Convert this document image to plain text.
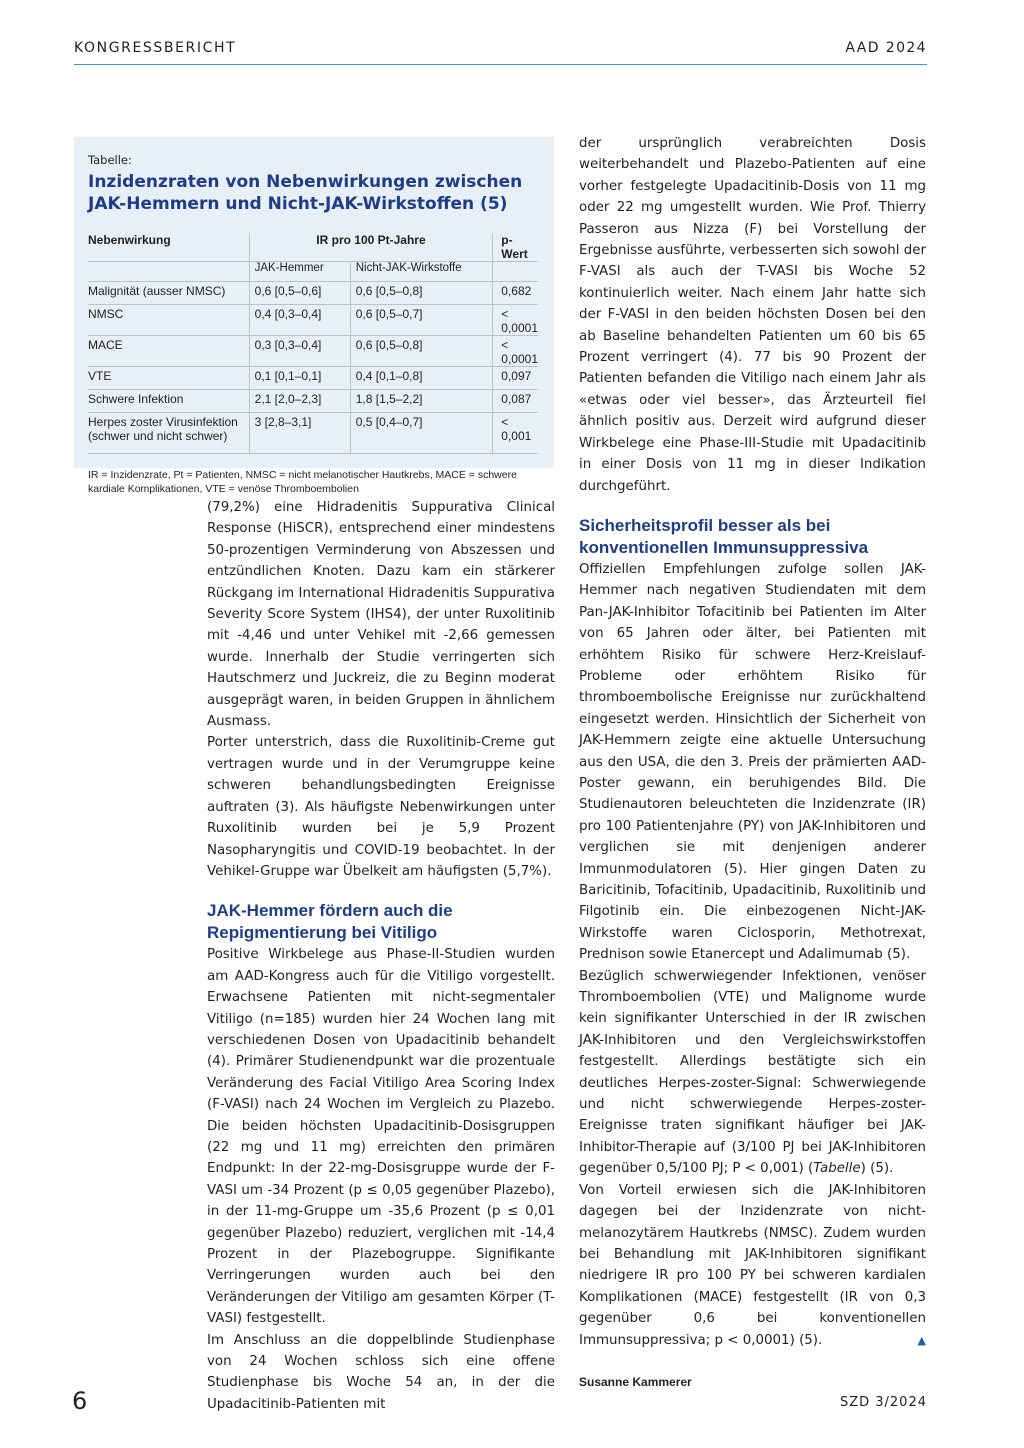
KONGRESSBERICHT	AAD 2024
Tabelle:
Inzidenzraten von Nebenwirkungen zwischen JAK-Hemmern und Nicht-JAK-Wirkstoffen (5)
Nebenwirkung	IR pro 100 Pt-Jahre		p-Wert
	JAK-Hemmer	Nicht-JAK-Wirkstoffe	
Malignität (ausser NMSC)	0,6 [0,5–0,6]	0,6 [0,5–0,8]	0,682
NMSC	0,4 [0,3–0,4]	0,6 [0,5–0,7]	< 0,0001
MACE	0,3 [0,3–0,4]	0,6 [0,5–0,8]	< 0,0001
VTE	0,1 [0,1–0,1]	0,4 [0,1–0,8]	0,097
Schwere Infektion	2,1 [2,0–2,3]	1,8 [1,5–2,2]	0,087
Herpes zoster Virusinfektion (schwer und nicht schwer)	3 [2,8–3,1]	0,5 [0,4–0,7]	< 0,001
IR = Inzidenzrate, Pt = Patienten, NMSC = nicht melanotischer Hautkrebs, MACE = schwere kardiale Komplikationen, VTE = venöse Thromboembolien

(79,2%) eine Hidradenitis Suppurativa Clinical Response (HiSCR), entsprechend einer mindestens 50-prozentigen Verminderung von Abszessen und entzündlichen Knoten. Dazu kam ein stärkerer Rückgang im International Hidradenitis Suppurativa Severity Score System (IHS4), der unter Ruxolitinib mit -4,46 und unter Vehikel mit -2,66 gemessen wurde. Innerhalb der Studie verringerten sich Hautschmerz und Juckreiz, die zu Beginn moderat ausgeprägt waren, in beiden Gruppen in ähnlichem Ausmass.

Porter unterstrich, dass die Ruxolitinib-Creme gut vertragen wurde und in der Verumgruppe keine schweren behandlungsbedingten Ereignisse auftraten (3). Als häufigste Nebenwirkungen unter Ruxolitinib wurden bei je 5,9 Prozent Nasopharyngitis und COVID-19 beobachtet. In der Vehikel-Gruppe war Übelkeit am häufigsten (5,7%).

JAK-Hemmer fördern auch die Repigmentierung bei Vitiligo

Positive Wirkbelege aus Phase-II-Studien wurden am AAD-Kongress auch für die Vitiligo vorgestellt. Erwachsene Patienten mit nicht-segmentaler Vitiligo (n=185) wurden hier 24 Wochen lang mit verschiedenen Dosen von Upadacitinib behandelt (4). Primärer Studienendpunkt war die prozentuale Veränderung des Facial Vitiligo Area Scoring Index (F-VASI) nach 24 Wochen im Vergleich zu Plazebo. Die beiden höchsten Upadacitinib-Dosisgruppen (22 mg und 11 mg) erreichten den primären Endpunkt: In der 22-mg-Dosisgruppe wurde der F-VASI um -34 Prozent (p ≤ 0,05 gegenüber Plazebo), in der 11-mg-Gruppe um -35,6 Prozent (p ≤ 0,01 gegenüber Plazebo) reduziert, verglichen mit -14,4 Prozent in der Plazebogruppe. Signifikante Verringerungen wurden auch bei den Veränderungen der Vitiligo am gesamten Körper (T-VASI) festgestellt.

Im Anschluss an die doppelblinde Studienphase von 24 Wochen schloss sich eine offene Studienphase bis Woche 54 an, in der die Upadacitinib-Patienten mit

der ursprünglich verabreichten Dosis weiterbehandelt und Plazebo-Patienten auf eine vorher festgelegte Upadacitinib-Dosis von 11 mg oder 22 mg umgestellt wurden. Wie Prof. Thierry Passeron aus Nizza (F) bei Vorstellung der Ergebnisse ausführte, verbesserten sich sowohl der F-VASI als auch der T-VASI bis Woche 52 kontinuierlich weiter. Nach einem Jahr hatte sich der F-VASI in den beiden höchsten Dosen bei den ab Baseline behandelten Patienten um 60 bis 65 Prozent verringert (4). 77 bis 90 Prozent der Patienten befanden die Vitiligo nach einem Jahr als «etwas oder viel besser», das Ärzteurteil fiel ähnlich positiv aus. Derzeit wird aufgrund dieser Wirkbelege eine Phase-III-Studie mit Upadacitinib in einer Dosis von 11 mg in dieser Indikation durchgeführt.

Sicherheitsprofil besser als bei konventionellen Immunsuppressiva

Offiziellen Empfehlungen zufolge sollen JAK-Hemmer nach negativen Studiendaten mit dem Pan-JAK-Inhibitor Tofacitinib bei Patienten im Alter von 65 Jahren oder älter, bei Patienten mit erhöhtem Risiko für schwere Herz-Kreislauf-Probleme oder erhöhtem Risiko für thromboembolische Ereignisse nur zurückhaltend eingesetzt werden. Hinsichtlich der Sicherheit von JAK-Hemmern zeigte eine aktuelle Untersuchung aus den USA, die den 3. Preis der prämierten AAD-Poster gewann, ein beruhigendes Bild. Die Studienautoren beleuchteten die Inzidenzrate (IR) pro 100 Patientenjahre (PY) von JAK-Inhibitoren und verglichen sie mit denjenigen anderer Immunmodulatoren (5). Hier gingen Daten zu Baricitinib, Tofacitinib, Upadacitinib, Ruxolitinib und Filgotinib ein. Die einbezogenen Nicht-JAK-Wirkstoffe waren Ciclosporin, Methotrexat, Prednison sowie Etanercept und Adalimumab (5).

Bezüglich schwerwiegender Infektionen, venöser Thromboembolien (VTE) und Malignome wurde kein signifikanter Unterschied in der IR zwischen JAK-Inhibitoren und den Vergleichswirkstoffen festgestellt. Allerdings bestätigte sich ein deutliches Herpes-zoster-Signal: Schwerwiegende und nicht schwerwiegende Herpes-zoster-Ereignisse traten signifikant häufiger bei JAK-Inhibitor-Therapie auf (3/100 PJ bei JAK-Inhibitoren gegenüber 0,5/100 PJ; P < 0,001) (Tabelle) (5).

Von Vorteil erwiesen sich die JAK-Inhibitoren dagegen bei der Inzidenzrate von nicht-melanozytärem Hautkrebs (NMSC). Zudem wurden bei Behandlung mit JAK-Inhibitoren signifikant niedrigere IR pro 100 PY bei schweren kardialen Komplikationen (MACE) festgestellt (IR von 0,3 gegenüber 0,6 bei konventionellen Immunsuppressiva; p < 0,0001) (5).	▲

Susanne Kammerer
6	SZD 3/2024
